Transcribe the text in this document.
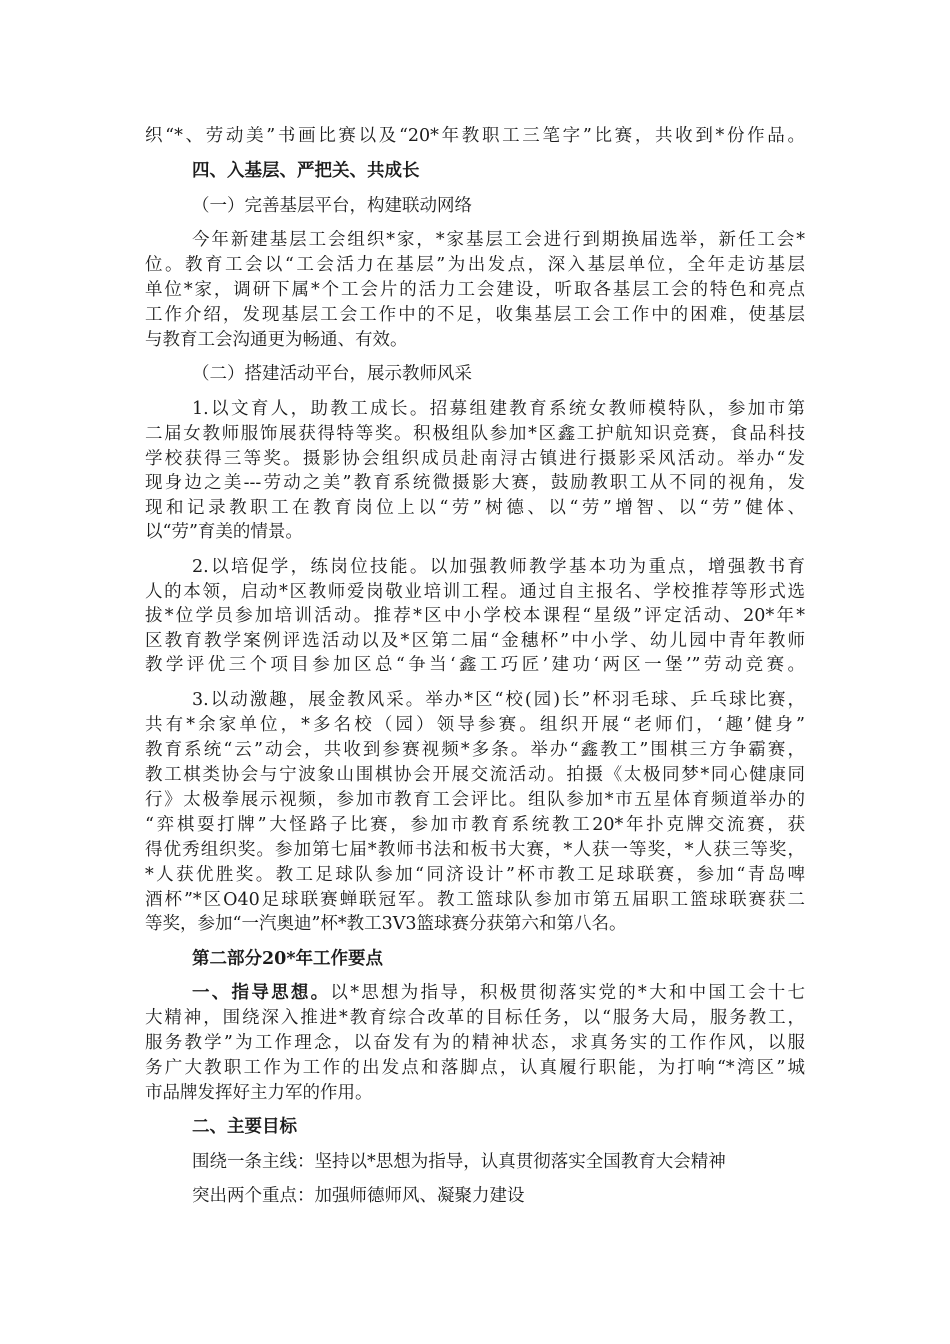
织“*、劳动美”书画比赛以及“20*年教职工三笔字”比赛，共收到*份作品。
四、入基层、严把关、共成长
（一）完善基层平台，构建联动网络
今年新建基层工会组织*家，*家基层工会进行到期换届选举，新任工会*
位。教育工会以“工会活力在基层”为出发点，深入基层单位，全年走访基层
单位*家，调研下属*个工会片的活力工会建设，听取各基层工会的特色和亮点
工作介绍，发现基层工会工作中的不足，收集基层工会工作中的困难，使基层
与教育工会沟通更为畅通、有效。
（二）搭建活动平台，展示教师风采
1.以文育人，助教工成长。招募组建教育系统女教师模特队，参加市第
二届女教师服饰展获得特等奖。积极组队参加*区鑫工护航知识竞赛，食品科技
学校获得三等奖。摄影协会组织成员赴南浔古镇进行摄影采风活动。举办“发
现身边之美---劳动之美”教育系统微摄影大赛，鼓励教职工从不同的视角，发
现和记录教职工在教育岗位上以“劳”树德、以“劳”增智、以“劳”健体、
以“劳”育美的情景。
2.以培促学，练岗位技能。以加强教师教学基本功为重点，增强教书育
人的本领，启动*区教师爱岗敬业培训工程。通过自主报名、学校推荐等形式选
拔*位学员参加培训活动。推荐*区中小学校本课程“星级”评定活动、20*年*
区教育教学案例评选活动以及*区第二届“金穗杯”中小学、幼儿园中青年教师
教学评优三个项目参加区总“争当‘鑫工巧匠’建功‘两区一堡’”劳动竞赛。
3.以动激趣，展金教风采。举办*区“校(园)长”杯羽毛球、乒乓球比赛，
共有*余家单位，*多名校（园）领导参赛。组织开展“老师们，‘趣’健身”
教育系统“云”动会，共收到参赛视频*多条。举办“鑫教工”围棋三方争霸赛，
教工棋类协会与宁波象山围棋协会开展交流活动。拍摄《太极同梦*同心健康同
行》太极拳展示视频，参加市教育工会评比。组队参加*市五星体育频道举办的
“弈棋耍打牌”大怪路子比赛，参加市教育系统教工20*年扑克牌交流赛，获
得优秀组织奖。参加第七届*教师书法和板书大赛，*人获一等奖，*人获三等奖，
*人获优胜奖。教工足球队参加“同济设计”杯市教工足球联赛，参加“青岛啤
酒杯”*区O40足球联赛蝉联冠军。教工篮球队参加市第五届职工篮球联赛获二
等奖，参加“一汽奥迪”杯*教工3V3篮球赛分获第六和第八名。
第二部分20*年工作要点
一、指导思想。以*思想为指导，积极贯彻落实党的*大和中国工会十七
大精神，围绕深入推进*教育综合改革的目标任务，以“服务大局，服务教工，
服务教学”为工作理念，以奋发有为的精神状态，求真务实的工作作风，以服
务广大教职工作为工作的出发点和落脚点，认真履行职能，为打响“*湾区”城
市品牌发挥好主力军的作用。
二、主要目标
围绕一条主线：坚持以*思想为指导，认真贯彻落实全国教育大会精神
突出两个重点：加强师德师风、凝聚力建设
